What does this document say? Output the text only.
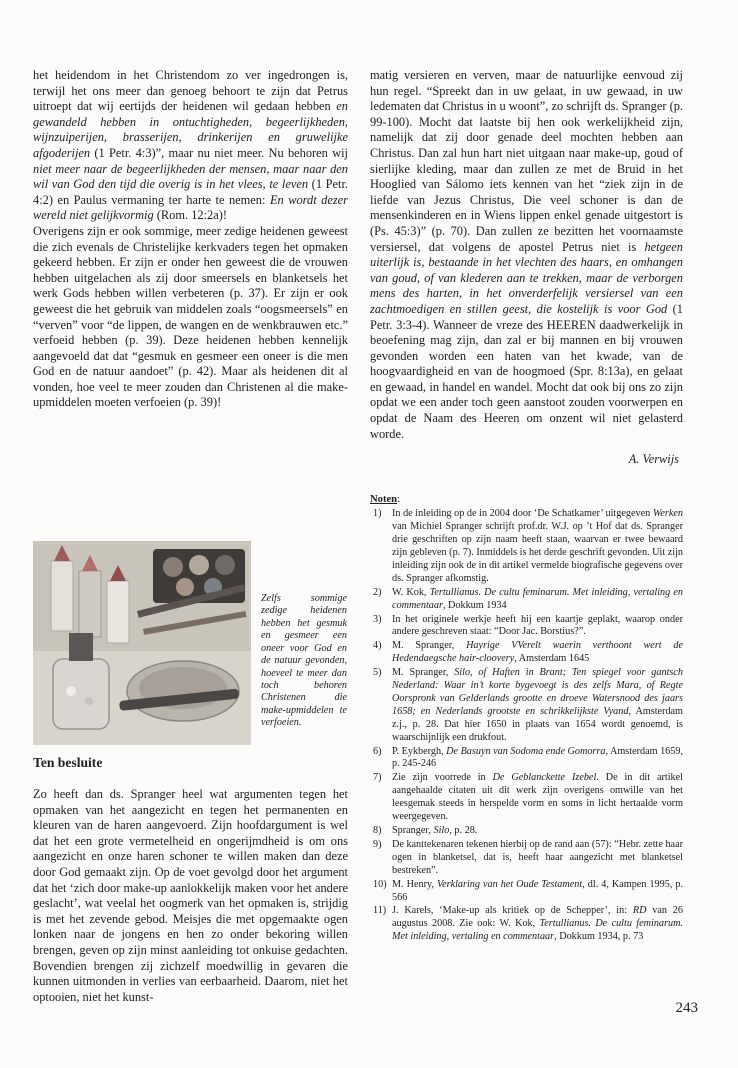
het heidendom in het Christendom zo ver ingedrongen is, terwijl het ons meer dan genoeg behoort te zijn dat Petrus uitroept dat wij eertijds der heidenen wil gedaan hebben en gewandeld hebben in ontuchtigheden, begeerlijkheden, wijnzuiperijen, brasserijen, drinkerijen en gruwelijke afgoderijen (1 Petr. 4:3)”, maar nu niet meer. Nu behoren wij niet meer naar de begeerlijkheden der mensen, maar naar den wil van God den tijd die overig is in het vlees, te leven (1 Petr. 4:2) en Paulus vermaning ter harte te nemen: En wordt dezer wereld niet gelijkvormig (Rom. 12:2a)!

Overigens zijn er ook sommige, meer zedige heidenen geweest die zich evenals de Christelijke kerkvaders tegen het opmaken gekeerd hebben. Er zijn er onder hen geweest die de vrouwen hebben uitgelachen als zij door smeersels en blanketsels het werk Gods hebben willen verbeteren (p. 37). Er zijn er ook geweest die het gebruik van middelen zoals “oogsmeersels” en “verven” voor “de lippen, de wangen en de wenkbrauwen etc.” verfoeid hebben (p. 39). Deze heidenen hebben kennelijk aangevoeld dat dat “gesmuk en gesmeer een oneer is die men God en de natuur aandoet” (p. 42). Maar als heidenen dit al vonden, hoe veel te meer zouden dan Christenen al die make-upmiddelen moeten verfoeien (p. 39)!

Zelfs sommige zedige heidenen hebben het gesmuk en gesmeer een oneer voor God en de natuur gevonden, hoeveel te meer dan toch behoren Christenen die make-upmiddelen te verfoeien.
Ten besluite

Zo heeft dan ds. Spranger heel wat argumenten tegen het opmaken van het aangezicht en tegen het permanenten en kleuren van de haren aangevoerd. Zijn hoofdargument is wel dat het een grote vermetelheid en ongerijmdheid is om ons aangezicht en onze haren schoner te willen maken dan deze door God gemaakt zijn. Op de voet gevolgd door het argument dat het ‘zich door make-up aanlokkelijk maken voor het andere geslacht’, wat veelal het oogmerk van het opmaken is, strijdig is met het zevende gebod. Meisjes die met opgemaakte ogen lonken naar de jongens en hen zo onder bekoring willen brengen, geven op zijn minst aanleiding tot onkuise gedachten. Bovendien brengen zij zichzelf moedwillig in gevaren die kunnen uitmonden in verlies van eerbaarheid. Daarom, niet het optooien, niet het kunst-

matig versieren en verven, maar de natuurlijke eenvoud zij hun regel. “Spreekt dan in uw gelaat, in uw gewaad, in uw ledematen dat Christus in u woont”, zo schrijft ds. Spranger (p. 99-100). Mocht dat laatste bij hen ook werkelijkheid zijn, namelijk dat zij door genade deel mochten hebben aan Christus. Dan zal hun hart niet uitgaan naar make-up, goud of sierlijke kleding, maar dan zullen ze met de Bruid in het Hooglied van Sálomo iets kennen van het “ziek zijn in de liefde van Jezus Christus, Die veel schoner is dan de mensenkinderen en in Wiens lippen enkel genade uitgestort is (Ps. 45:3)” (p. 70). Dan zullen ze bezitten het voornaamste versiersel, dat volgens de apostel Petrus niet is hetgeen uiterlijk is, bestaande in het vlechten des haars, en omhangen van goud, of van klederen aan te trekken, maar de verborgen mens des harten, in het onverderfelijk versiersel van een zachtmoedigen en stillen geest, die kostelijk is voor God (1 Petr. 3:3-4). Wanneer de vreze des HEEREN daadwerkelijk in beoefening mag zijn, dan zal er bij mannen en bij vrouwen gevonden worden een haten van het kwade, van de hoogvaardigheid en van de hoogmoed (Spr. 8:13a), en gelaat en gewaad, in handel en wandel. Mocht dat ook bij ons zo zijn opdat we een ander toch geen aanstoot zouden voorwerpen en opdat de Naam des Heeren om onzent wil niet gelasterd worde.

A. Verwijs
Noten:
1) In de inleiding op de in 2004 door ‘De Schatkamer’ uitgegeven Werken van Michiel Spranger schrijft prof.dr. W.J. op ’t Hof dat ds. Spranger drie geschriften op zijn naam heeft staan, waarvan er twee bewaard zijn gebleven (p. 7). Inmiddels is het derde geschrift gevonden. Uit zijn inleiding zijn ook de in dit artikel vermelde biografische gegevens over ds. Spranger afkomstig.
2) W. Kok, Tertullianus. De cultu feminarum. Met inleiding, vertaling en commentaar, Dokkum 1934
3) In het originele werkje heeft hij een kaartje geplakt, waarop onder andere geschreven staat: “Door Jac. Borstius?”.
4) M. Spranger, Hayrige VVerelt waerin verthoont wert de Hedendaegsche hair-cloovery, Amsterdam 1645
5) M. Spranger, Silo, of Haften in Brant; Ten spiegel voor gantsch Nederland: Waar in’t korte bygevoegt is des zelfs Mara, of Regte Oorspronk van Gelderlands grootte en droeve Watersnood des jaars 1658; en Nederlands grootste en schrikkelijkste Vyand, Amsterdam z.j., p. 28. Dat hier 1650 in plaats van 1654 wordt genoemd, is waarschijnlijk een drukfout.
6) P. Eykbergh, De Basuyn van Sodoma ende Gomorra, Amsterdam 1659, p. 245-246
7) Zie zijn voorrede in De Geblanckette Izebel. De in dit artikel aangehaalde citaten uit dit werk zijn overigens omwille van het leesgemak steeds in herspelde vorm en soms in licht hertaalde vorm weergegeven.
8) Spranger, Silo, p. 28.
9) De kanttekenaren tekenen hierbij op de rand aan (57): “Hebr. zette haar ogen in blanketsel, dat is, heeft haar aangezicht met blanketsel bestreken”.
10) M. Henry, Verklaring van het Oude Testament, dl. 4, Kampen 1995, p. 566
11) J. Karels, ‘Make-up als kritiek op de Schepper’, in: RD van 26 augustus 2008. Zie ook: W. Kok, Tertullianus. De cultu feminarum. Met inleiding, vertaling en commentaar, Dokkum 1934, p. 73
243
